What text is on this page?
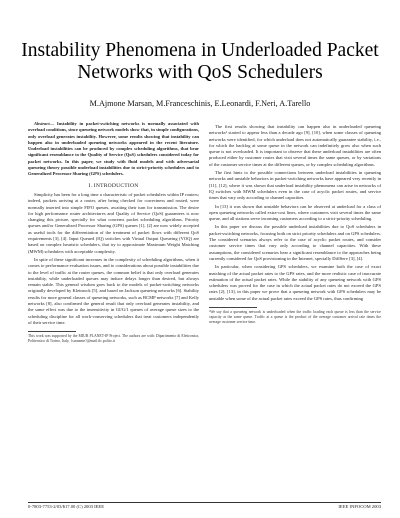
Instability Phenomena in Underloaded Packet
Networks with QoS Schedulers
M.Ajmone Marsan, M.Franceschinis, E.Leonardi, F.Neri, A.Tarello

Abstract— Instability in packet-switching networks is normally associated with overload conditions, since queueing network models show that, in simple configurations, only overload generates instability. However, some results showing that instability can happen also in underloaded queueing networks appeared in the recent literature. Underload instabilities can be produced by complex scheduling algorithms, that bear significant resemblance to the Quality of Service (QoS) schedulers considered today for packet networks. In this paper, we study with fluid models and with adversarial queueing theory possible underload instabilities due to strict-priority schedulers and to Generalized Processor Sharing (GPS) schedulers.

I. INTRODUCTION

Simplicity has been for a long time a characteristic of packet schedulers within IP routers; indeed, packets arriving at a router, after being checked for correctness and routed, were normally inserted into simple FIFO queues, awaiting their turn for transmission. The desire for high performance router architectures and Quality of Service (QoS) guarantees is now changing this picture, specially for what concerns packet scheduling algorithms. Priority queues and/or Generalized Processor Sharing (GPS) queues [1], [2] are now widely accepted as useful tools for the differentiation of the treatment of packet flows with different QoS requirements [3], [4]. Input Queued (IQ) switches with Virtual Output Queueing (VOQ) are based on complex heuristic schedulers, that try to approximate Maximum Weight Matching (MWM) schedulers with acceptable complexity.

In spite of these significant increases in the complexity of scheduling algorithms, when it comes to performance evaluation issues, and to considerations about possible instabilities due to the level of traffic at the router queues, the common belief is that only overload generates instability, while underloaded queues may induce delays longer than desired, but always remain stable. This general wisdom goes back to the models of packet-switching networks originally developed by Kleinrock [5], and based on Jackson queueing networks [6]. Stability results for more general classes of queueing networks, such as BCMP networks [7] and Kelly networks [8], also confirmed the general result that only overload generates instability, and the same effect was due to the insensitivity in GI/G/1 queues of average queue sizes to the scheduling discipline for all work-conserving schedulers that treat customers independently of their service time.

This work was supported by the MIUR PLANET-IP Project. The authors are with: Dipartimento di Elettronica, Politecnico di Torino, Italy, {surname}@mail.tlc.polito.it

The first results showing that instability can happen also in underloaded queueing networks¹ started to appear less than a decade ago [9], [10], when some classes of queueing networks were identified, for which underload does not automatically guarantee stability, i.e., for which the backlog at some queue in the network can indefinitely grow also when such queue is not overloaded. It is important to observe that these underload instabilities are often produced either by customer routes that visit several times the same queues, or by variations of the customer service times at the different queues, or by complex scheduling algorithms.

The first hints to the possible connections between underload instabilities in queueing networks and unstable behaviors in packet-switching networks have appeared very recently in [11], [12], where it was shown that underload instability phenomena can arise in networks of IQ switches with MWM schedulers even in the case of acyclic packet routes, and service times that vary only according to channel capacities.

In [13] it was shown that unstable behaviors can be observed at underload for a class of open queueing networks called extra-cost lines, where customers visit several times the same queue, and all stations serve incoming customers according to a strict-priority scheduling.

In this paper we discuss the possible underload instabilities due to QoS schedulers in packet-switching networks, focusing both on strict priority schedulers and on GPS schedulers. The considered scenarios always refer to the case of acyclic packet routes, and consider customer service times that vary only according to channel capacities. With these assumptions, the considered scenarios bear a significant resemblance to the approaches being currently considered for QoS provisioning in the Internet, specially DiffServ [3], [4].

In particular, when considering GPS schedulers, we examine both the case of exact matching of the actual packet rates to the GPS rates, and the more realistic case of inaccurate estimation of the actual packet rates. While the stability of any queueing network with GPS schedulers was proved for the case in which the actual packet rates do not exceed the GPS rates [2], [13], in this paper we prove that a queueing network with GPS schedulers may be unstable when some of the actual packet rates exceed the GPS rates, thus confirming

¹We say that a queueing network is underloaded when the traffic loading each queue is less than the service capacity at the same queue. Traffic at a queue is the product of the average customer arrival rate times the average customer service time.
0-7803-7753-2/03/$17.00 (C) 2003 IEEE	IEEE INFOCOM 2003
